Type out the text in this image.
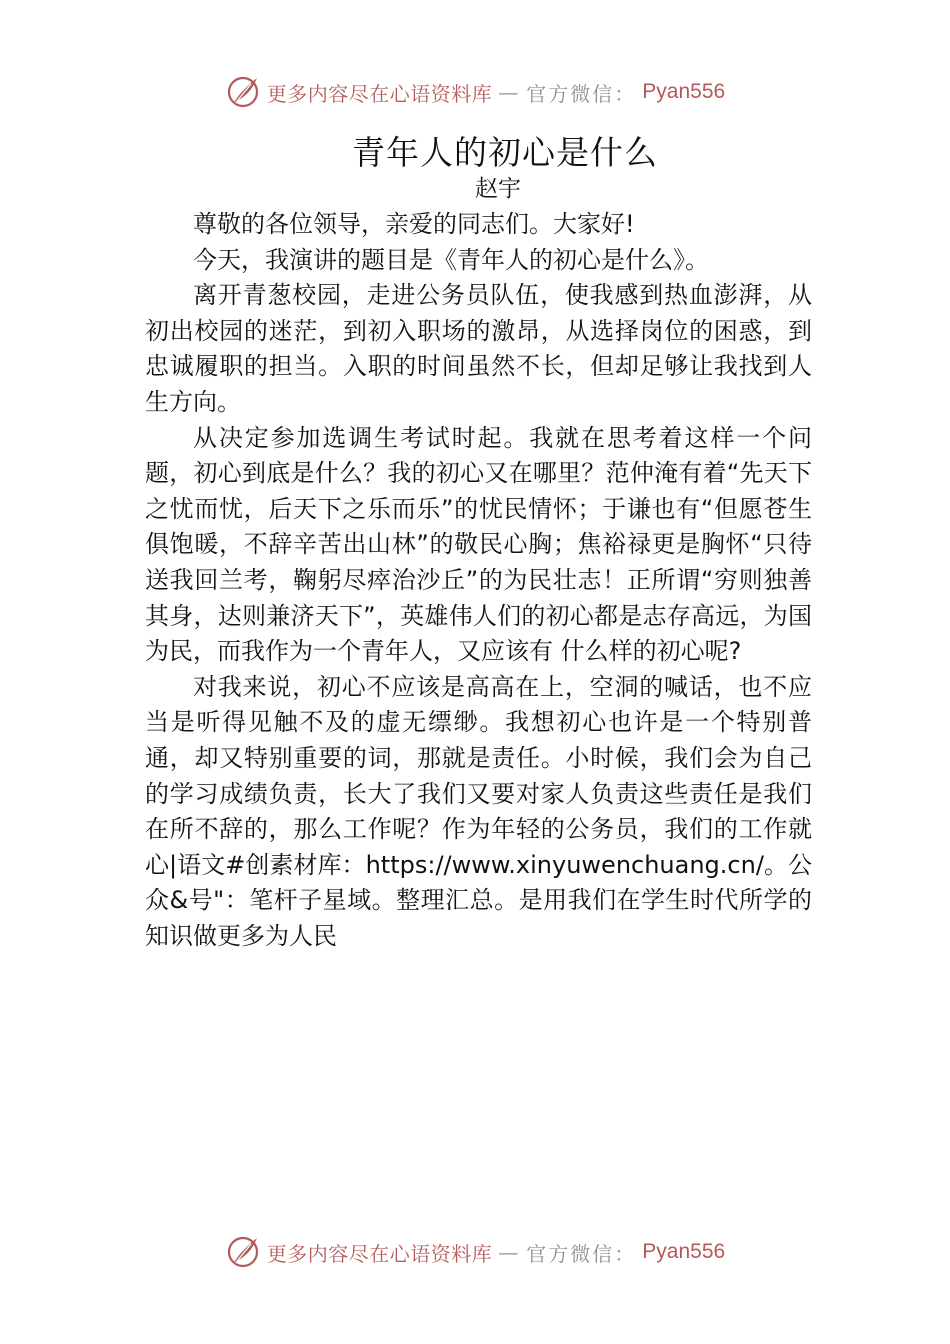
更多内容尽在心语资料库 — 官方微信： Pyan556
青年人的初心是什么
赵宇

尊敬的各位领导，亲爱的同志们。大家好!

今天，我演讲的题目是《青年人的初心是什么》。

离开青葱校园，走进公务员队伍，使我感到热血澎湃，从初出校园的迷茫，到初入职场的激昂，从选择岗位的困惑，到忠诚履职的担当。入职的时间虽然不长，但却足够让我找到人生方向。

从决定参加选调生考试时起。我就在思考着这样一个问题，初心到底是什么？我的初心又在哪里？范仲淹有着“先天下之忧而忧，后天下之乐而乐”的忧民情怀；于谦也有“但愿苍生俱饱暖，不辞辛苦出山林”的敬民心胸；焦裕禄更是胸怀“只待送我回兰考，鞠躬尽瘁治沙丘”的为民壮志！正所谓“穷则独善其身，达则兼济天下”，英雄伟人们的初心都是志存高远，为国为民，而我作为一个青年人，又应该有 什么样的初心呢?

对我来说，初心不应该是高高在上，空洞的喊话，也不应当是听得见触不及的虚无缥缈。我想初心也许是一个特别普通，却又特别重要的词，那就是责任。小时候，我们会为自己的学习成绩负责，长大了我们又要对家人负责这些责任是我们在所不辞的，那么工作呢？作为年轻的公务员，我们的工作就心|语文#创素材库：https://www.xinyuwenchuang.cn/。公众&号"：笔杆子星域。整理汇总。是用我们在学生时代所学的知识做更多为人民

更多内容尽在心语资料库 — 官方微信： Pyan556
